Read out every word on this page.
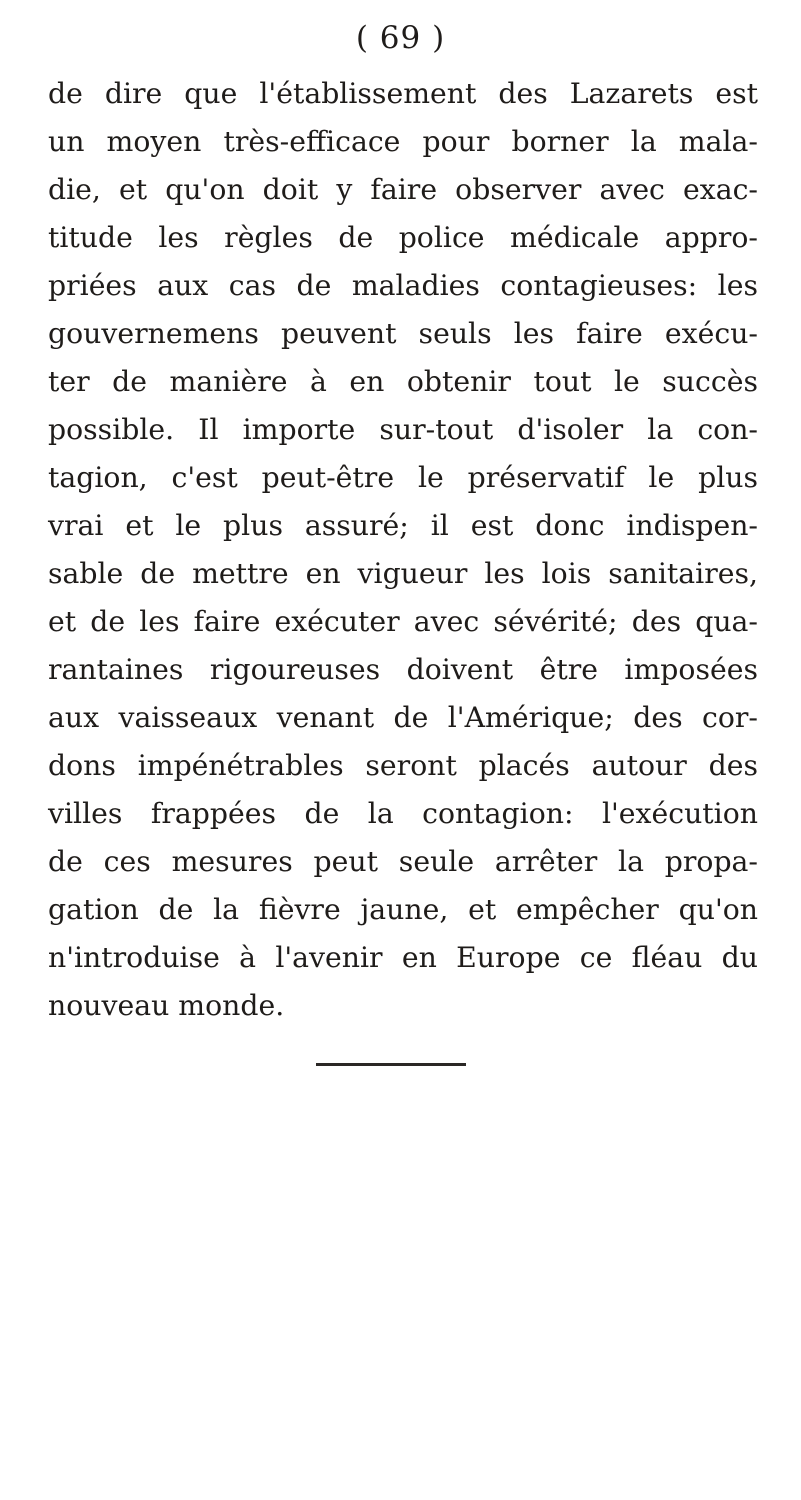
( 69 )
de dire que l'établissement des Lazarets est
un moyen très-efficace pour borner la mala-
die, et qu'on doit y faire observer avec exac-
titude les règles de police médicale appro-
priées aux cas de maladies contagieuses: les
gouvernemens peuvent seuls les faire exécu-
ter de manière à en obtenir tout le succès
possible. Il importe sur-tout d'isoler la con-
tagion, c'est peut-être le préservatif le plus
vrai et le plus assuré; il est donc indispen-
sable de mettre en vigueur les lois sanitaires,
et de les faire exécuter avec sévérité; des qua-
rantaines rigoureuses doivent être imposées
aux vaisseaux venant de l'Amérique; des cor-
dons impénétrables seront placés autour des
villes frappées de la contagion: l'exécution
de ces mesures peut seule arrêter la propa-
gation de la fièvre jaune, et empêcher qu'on
n'introduise à l'avenir en Europe ce fléau du
nouveau monde.
